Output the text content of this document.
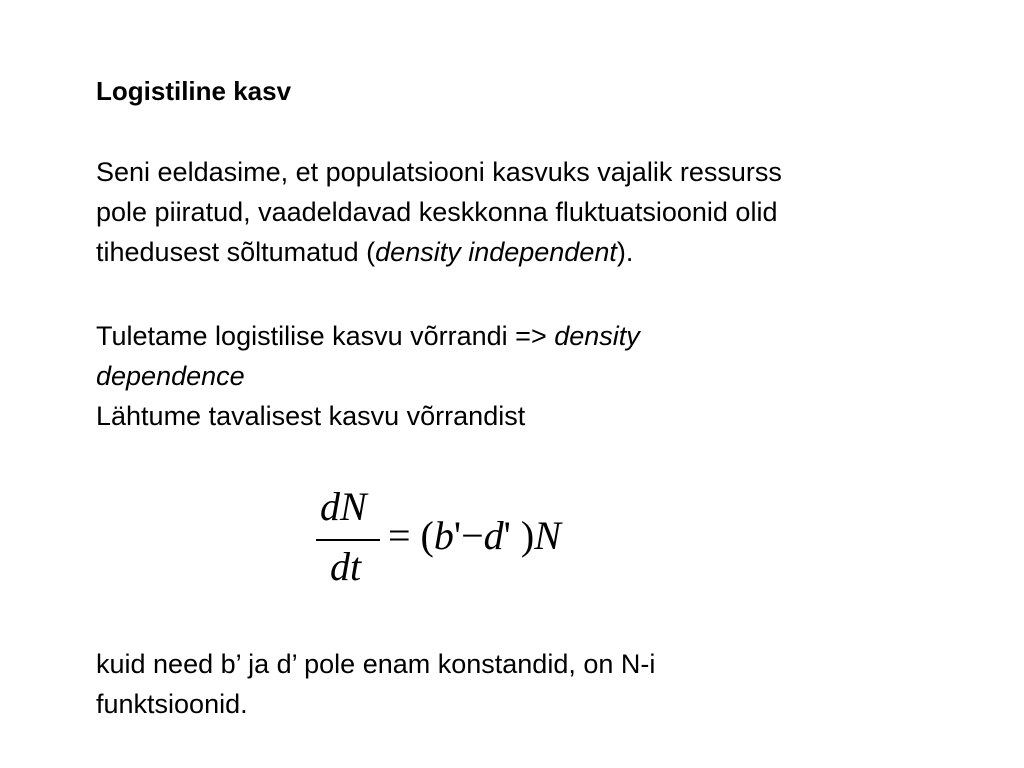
Logistiline kasv
Seni eeldasime, et populatsiooni kasvuks vajalik ressurss
pole piiratud, vaadeldavad keskkonna fluktuatsioonid olid
tihedusest sõltumatud (density independent).
Tuletame logistilise kasvu võrrandi => density
dependence
Lähtume tavalisest kasvu võrrandist
dN
dt
= (b'−d' )N
kuid need b’ ja d’ pole enam konstandid, on N-i
funktsioonid.
